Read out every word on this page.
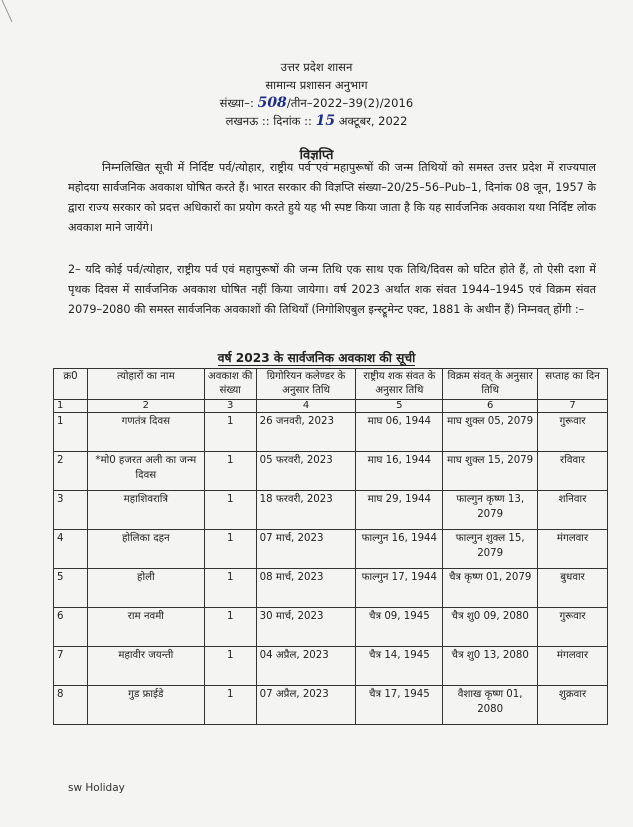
उत्तर प्रदेश शासन
सामान्य प्रशासन अनुभाग
संख्या–: 508/तीन–2022–39(2)/2016
लखनऊ :: दिनांक :: 15 अक्टूबर, 2022
विज्ञप्ति
निम्नलिखित सूची में निर्दिष्ट पर्व/त्योहार, राष्ट्रीय पर्व एवं महापुरूषों की जन्म तिथियों को समस्त उत्तर प्रदेश में राज्यपाल महोदया सार्वजनिक अवकाश घोषित करते हैं। भारत सरकार की विज्ञप्ति संख्या–20/25–56–Pub–1, दिनांक 08 जून, 1957 के द्वारा राज्य सरकार को प्रदत्त अधिकारों का प्रयोग करते हुये यह भी स्पष्ट किया जाता है कि यह सार्वजनिक अवकाश यथा निर्दिष्ट लोक अवकाश माने जायेंगे।
2– यदि कोई पर्व/त्योहार, राष्ट्रीय पर्व एवं महापुरूषों की जन्म तिथि एक साथ एक तिथि/दिवस को घटित होते हैं, तो ऐसी दशा में पृथक दिवस में सार्वजनिक अवकाश घोषित नहीं किया जायेगा। वर्ष 2023 अर्थात शक संवत 1944–1945 एवं विक्रम संवत 2079–2080 की समस्त सार्वजनिक अवकाशों की तिथियाँ (निगोशिएबुल इन्स्ट्रूमेन्ट एक्ट, 1881 के अधीन हैं) निम्नवत् होंगी :–
वर्ष 2023 के सार्वजनिक अवकाश की सूची
क्र0	त्योहारों का नाम	अवकाश की संख्या	ग्रिगोरियन कलेण्डर के अनुसार तिथि	राष्ट्रीय शक संवत के अनुसार तिथि	विक्रम संवत् के अनुसार तिथि	सप्ताह का दिन
1	2	3	4	5	6	7
1	गणतंत्र दिवस	1	26 जनवरी, 2023	माघ 06, 1944	माघ शुक्ल 05, 2079	गुरूवार
2	*मो0 हजरत अली का जन्म दिवस	1	05 फरवरी, 2023	माघ 16, 1944	माघ शुक्ल 15, 2079	रविवार
3	महाशिवरात्रि	1	18 फरवरी, 2023	माघ 29, 1944	फाल्गुन कृष्ण 13, 2079	शनिवार
4	होलिका दहन	1	07 मार्च, 2023	फाल्गुन 16, 1944	फाल्गुन शुक्ल 15, 2079	मंगलवार
5	होली	1	08 मार्च, 2023	फाल्गुन 17, 1944	चैत्र कृष्ण 01, 2079	बुधवार
6	राम नवमी	1	30 मार्च, 2023	चैत्र 09, 1945	चैत्र शु0 09, 2080	गुरूवार
7	महावीर जयन्ती	1	04 अप्रैल, 2023	चैत्र 14, 1945	चैत्र शु0 13, 2080	मंगलवार
8	गुड फ्राईडे	1	07 अप्रैल, 2023	चैत्र 17, 1945	वैशाख कृष्ण 01, 2080	शुक्रवार
sw Holiday
